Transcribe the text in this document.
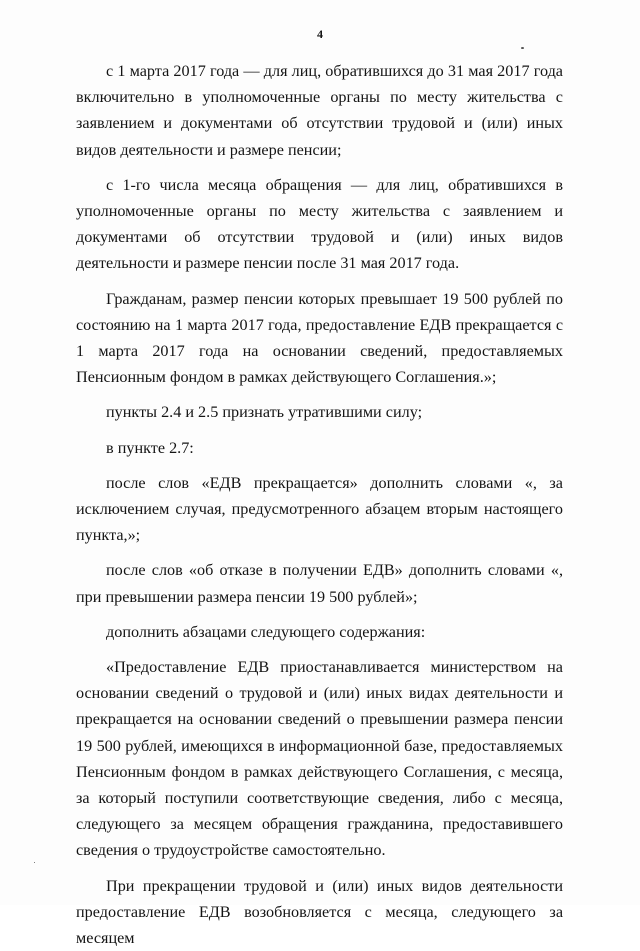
4

с 1 марта 2017 года — для лиц, обратившихся до 31 мая 2017 года включительно в уполномоченные органы по месту жительства с заявлением и документами об отсутствии трудовой и (или) иных видов деятельности и размере пенсии;

с 1-го числа месяца обращения — для лиц, обратившихся в уполномоченные органы по месту жительства с заявлением и документами об отсутствии трудовой и (или) иных видов деятельности и размере пенсии после 31 мая 2017 года.

Гражданам, размер пенсии которых превышает 19 500 рублей по состоянию на 1 марта 2017 года, предоставление ЕДВ прекращается с 1 марта 2017 года на основании сведений, предоставляемых Пенсионным фондом в рамках действующего Соглашения.»;

пункты 2.4 и 2.5 признать утратившими силу;

в пункте 2.7:

после слов «ЕДВ прекращается» дополнить словами «, за исключением случая, предусмотренного абзацем вторым настоящего пункта,»;

после слов «об отказе в получении ЕДВ» дополнить словами «, при превышении размера пенсии 19 500 рублей»;

дополнить абзацами следующего содержания:

«Предоставление ЕДВ приостанавливается министерством на основании сведений о трудовой и (или) иных видах деятельности и прекращается на основании сведений о превышении размера пенсии 19 500 рублей, имеющихся в информационной базе, предоставляемых Пенсионным фондом в рамках действующего Соглашения, с месяца, за который поступили соответствующие сведения, либо с месяца, следующего за месяцем обращения гражданина, предоставившего сведения о трудоустройстве самостоятельно.

При прекращении трудовой и (или) иных видов деятельности предоставление ЕДВ возобновляется с месяца, следующего за месяцем
